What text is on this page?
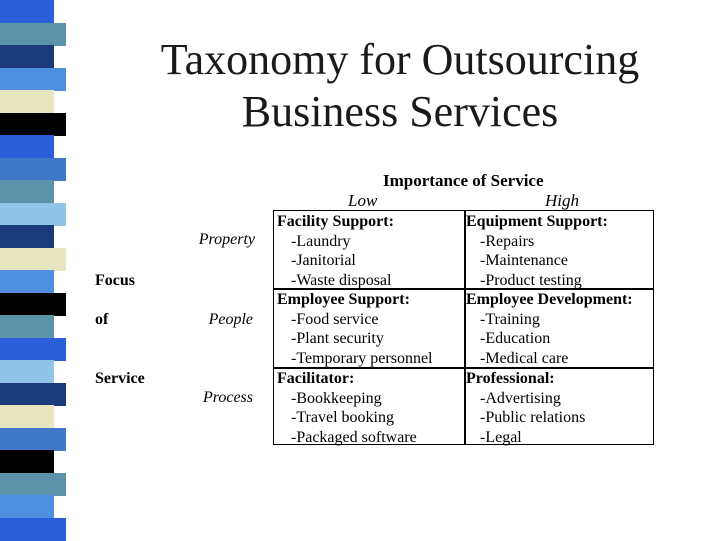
Taxonomy for Outsourcing Business Services
Importance of Service
Low	High
Focus
of
Service
Property
People
Process
Facility Support:
-Laundry
-Janitorial
-Waste disposal
Equipment Support:
-Repairs
-Maintenance
-Product testing
Employee Support:
-Food service
-Plant security
-Temporary personnel
Employee Development:
-Training
-Education
-Medical care
Facilitator:
-Bookkeeping
-Travel booking
-Packaged software
Professional:
-Advertising
-Public relations
-Legal
